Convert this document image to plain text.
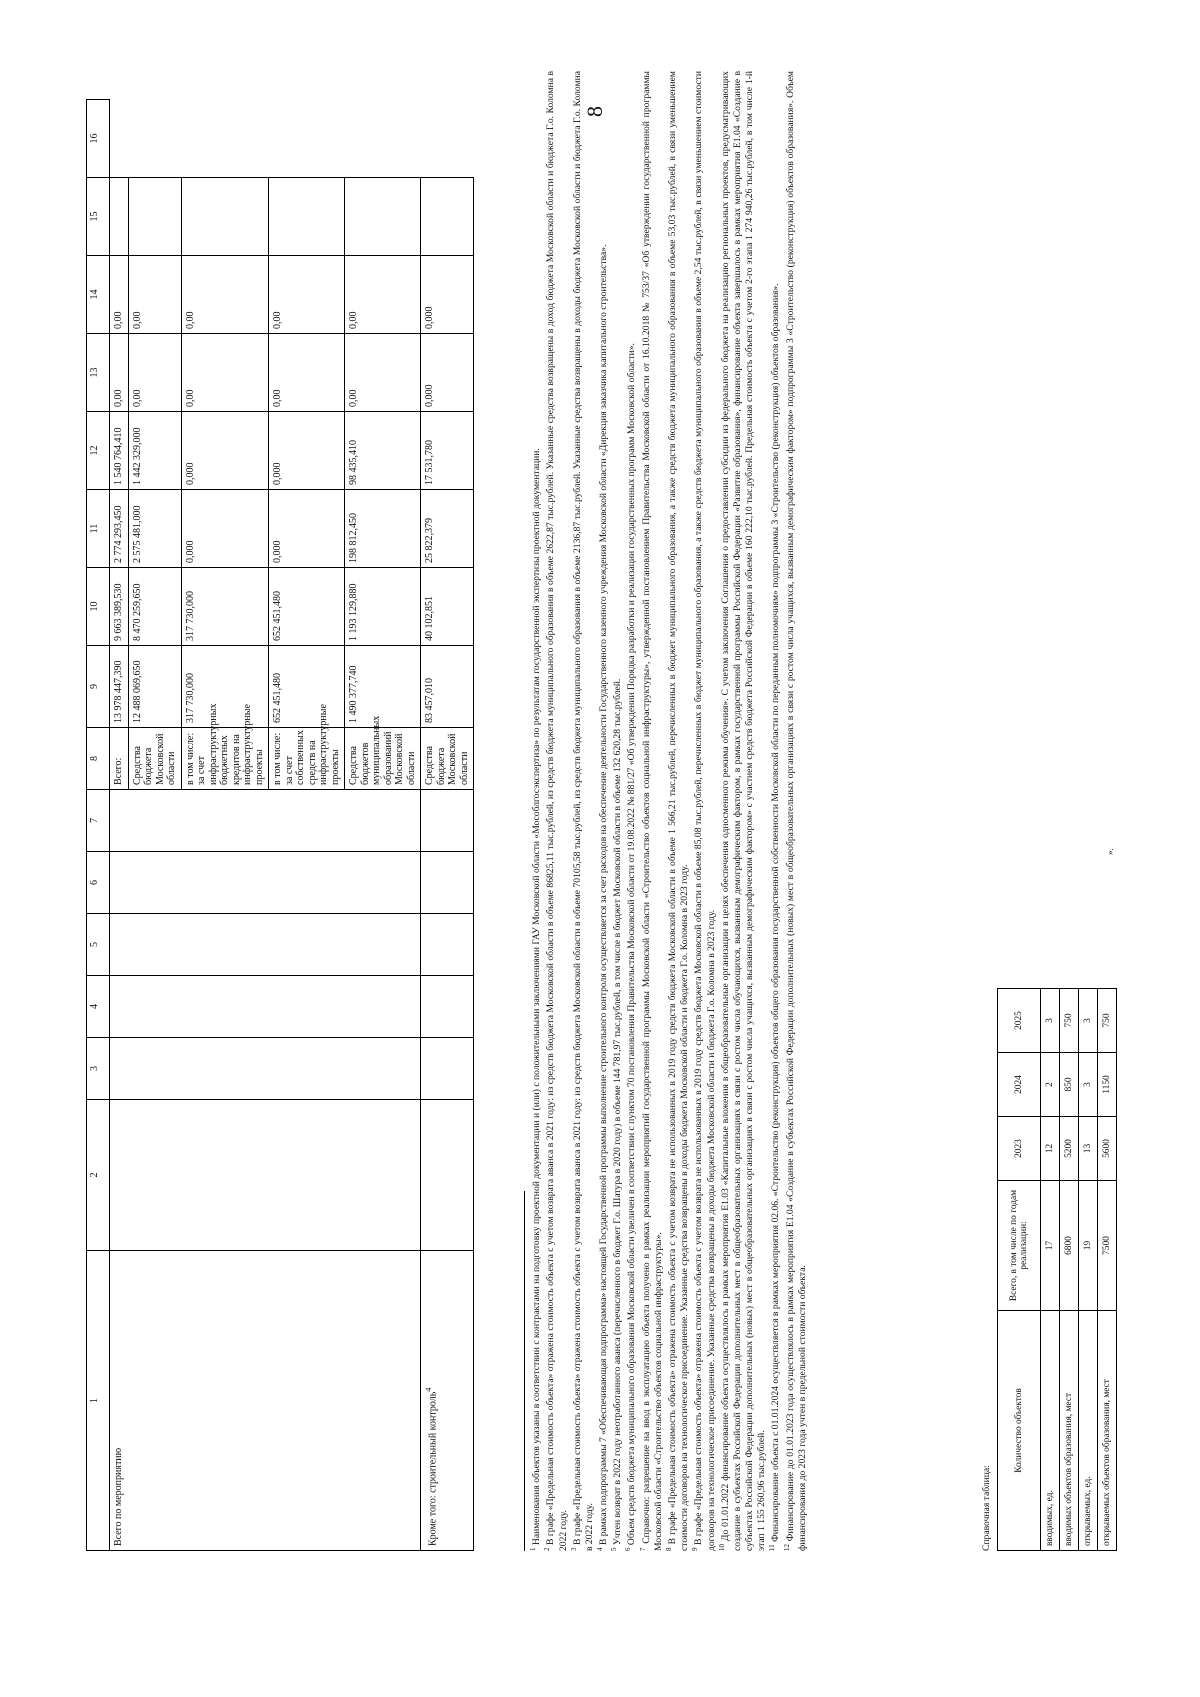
8
1	2	3	4	5	6	7	8	9	10	11	12	13	14	15	16
Всего по мероприятию							Всего:	13 978 447,390	9 663 389,530	2 774 293,450	1 540 764,410	0,00	0,00		
							Средства бюджета Московской области	12 488 069,650	8 470 259,650	2 575 481,000	1 442 329,000	0,00	0,00		
							в том числе: за счет инфраструктурных бюджетных кредитов на инфраструктурные проекты	317 730,000	317 730,000	0,000	0,000	0,00	0,00		
							в том числе: за счет собственных средств на инфраструктурные проекты	652 451,480	652 451,480	0,000	0,000	0,00	0,00		
							Средства бюджетов муниципальных образований Московской области	1 490 377,740	1 193 129,880	198 812,450	98 435,410	0,00	0,00		
Кроме того: строительный контроль$^4$							Средства бюджета Московской области	83 457,010	40 102,851	25 822,379	17 531,780	0,000	0,000		

$^1$ Наименования объектов указаны в соответствии с контрактами на подготовку проектной документации и (или) с положительными заключениями ГАУ Московской области «Мособлгосэкспертиза» по результатам государственной экспертизы проектной документации.

$^2$ В графе «Предельная стоимость объекта» отражена стоимость объекта с учетом возврата аванса в 2021 году: из средств бюджета Московской области в объеме 86825,11 тыс.рублей, из средств бюджета муниципального образования в объеме 2622,87 тыс.рублей. Указанные средства возвращены в доход бюджета Московской области и бюджета Г.о. Коломна в 2022 году. $^3$ В графе «Предельная стоимость объекта» отражена стоимость объекта с учетом возврата аванса в 2021 году: из средств бюджета Московской области в объеме 70105,58 тыс.рублей, из средств бюджета муниципального образования в объеме 2136,87 тыс.рублей. Указанные средства возвращены в доходы бюджета Московской области и бюджета Г.о. Коломна в 2022 году. $^4$ В рамках подпрограммы 7 «Обеспечивающая подпрограмма» настоящей Государственной программы выполнение строительного контроля осуществляется за счет расходов на обеспечение деятельности Государственного казенного учреждения Московской области «Дирекция заказчика капитального строительства».

$^5$ Учтен возврат в 2022 году неотработанного аванса (перечисленного в бюджет Г.о. Шатура в 2020 году) в объеме 144 781,97 тыс.рублей, в том числе в бюджет Московской области в объеме 132 620,28 тыс.рублей.

$^6$ Объем средств бюджета муниципального образования Московской области увеличен в соответствии с пунктом 70 постановления Правительства Московской области от 19.08.2022 № 881/27 «Об утверждении Порядка разработки и реализации государственных программ Московской области».

$^7$ Справочно: разрешение на ввод в эксплуатацию объекта получено в рамках реализации мероприятий государственной программы Московской области «Строительство объектов социальной инфраструктуры», утвержденной постановлением Правительства Московской области от 16.10.2018 № 753/37 «Об утверждении государственной программы Московской области «Строительство объектов социальной инфраструктуры». $^8$ В графе «Предельная стоимость объекта» отражена стоимость объекта с учетом возврата не использованных в 2019 году средств бюджета Московской области в объеме 1 566,21 тыс.рублей, перечисленных в бюджет муниципального образования, а также средств бюджета муниципального образования в объеме 53,03 тыс.рублей, в связи уменьшением стоимости договоров на технологическое присоединение. Указанные средства возвращены в доходы бюджета Московской области и бюджета Г.о. Коломна в 2023 году. $^9$ В графе «Предельная стоимость объекта» отражена стоимость объекта с учетом возврата не использованных в 2019 году средств бюджета Московской области в объеме 85,08 тыс.рублей, перечисленных в бюджет муниципального образования, а также средств бюджета муниципального образования в объеме 2,54 тыс.рублей, в связи уменьшением стоимости договоров на технологическое присоединение. Указанные средства возвращены в доходы бюджета Московской области и бюджета Г.о. Коломна в 2023 году. $^{10}$ До 01.01.2022 финансирование объекта осуществлялось в рамках мероприятия Е1.03 «Капитальные вложения в общеобразовательные организации в целях обеспечения односменного режима обучения». С учетом заключения Соглашения о предоставлении субсидии из федерального бюджета на реализацию региональных проектов, предусматривающих создание в субъектах Российской Федерации дополнительных мест в общеобразовательных организациях в связи с ростом числа обучающихся, вызванным демографическим фактором, в рамках государственной программы Российской Федерации «Развитие образования», финансирование объекта завершалось в рамках мероприятия Е1.04 «Создание в субъектах Российской Федерации дополнительных (новых) мест в общеобразовательных организациях в связи с ростом числа учащихся, вызванным демографическим фактором» с участием средств бюджета Российской Федерации в объеме 160 222,10 тыс.рублей. Предельная стоимость объекта с учетом 2-го этапа 1 274 940,26 тыс.рублей, в том числе 1-й этап 1 155 260,96 тыс.рублей. $^{11}$ Финансирование объекта с 01.01.2024 осуществляется в рамках мероприятия 02.06. «Строительство (реконструкция) объектов общего образования государственной собственности Московской области по переданным полномочиям» подпрограммы 3 «Строительство (реконструкция) объектов образования».

$^{12}$ Финансирование до 01.01.2023 года осуществлялось в рамках мероприятия Е1.04 «Создание в субъектах Российской Федерации дополнительных (новых) мест в общеобразовательных организациях в связи с ростом числа учащихся, вызванным демографическим фактором» подпрограммы 3 «Строительство (реконструкция) объектов образования». Объем финансирования до 2023 года учтен в предельной стоимости объекта.	Справочная таблица:
Количество объектов	Всего, в том числе по годам реализации:	2023	2024	2025
вводимых, ед.	17	12	2	3
вводимых объектов образования, мест	6800	5200	850	750
открываемых, ед.	19	13	3	3
открываемых объектов образования, мест	7500	5600	1150	750
».
